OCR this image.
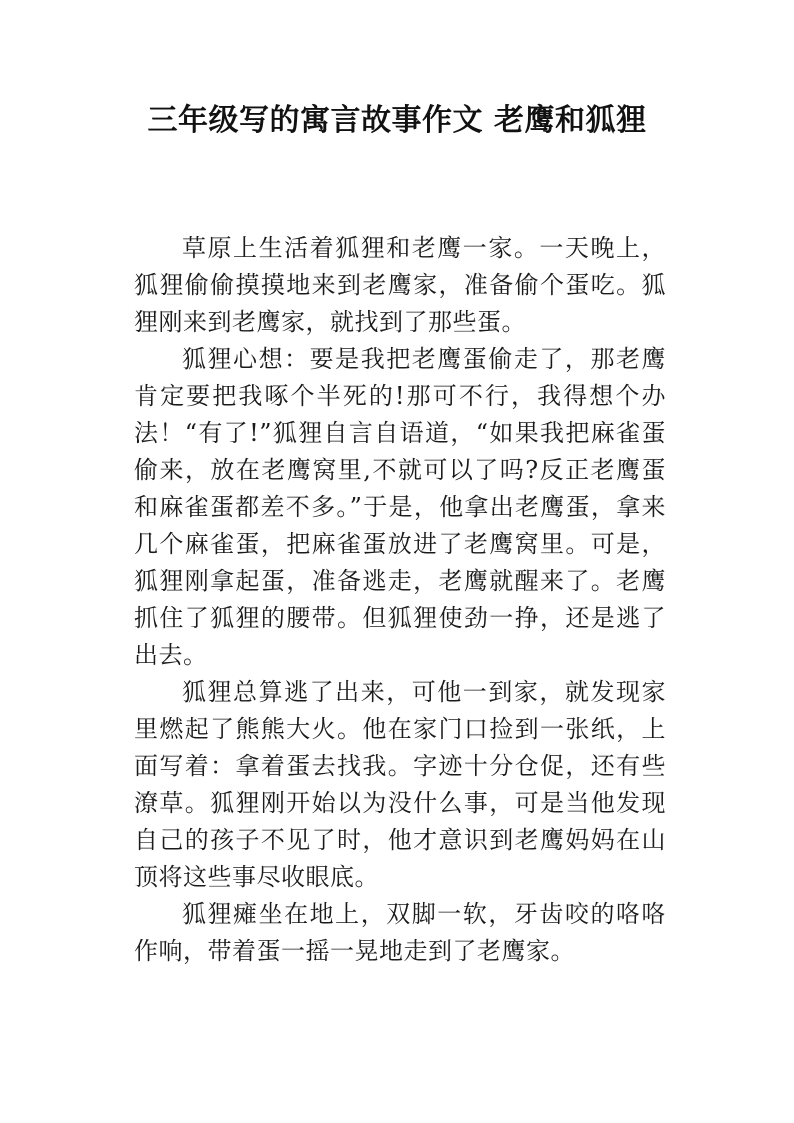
三年级写的寓言故事作文 老鹰和狐狸

草原上生活着狐狸和老鹰一家。一天晚上，狐狸偷偷摸摸地来到老鹰家，准备偷个蛋吃。狐狸刚来到老鹰家，就找到了那些蛋。

狐狸心想：要是我把老鹰蛋偷走了，那老鹰肯定要把我啄个半死的!那可不行，我得想个办法！“有了!”狐狸自言自语道，“如果我把麻雀蛋偷来，放在老鹰窝里,不就可以了吗?反正老鹰蛋和麻雀蛋都差不多。”于是，他拿出老鹰蛋，拿来几个麻雀蛋，把麻雀蛋放进了老鹰窝里。可是，狐狸刚拿起蛋，准备逃走，老鹰就醒来了。老鹰抓住了狐狸的腰带。但狐狸使劲一挣，还是逃了出去。

狐狸总算逃了出来，可他一到家，就发现家里燃起了熊熊大火。他在家门口捡到一张纸，上面写着：拿着蛋去找我。字迹十分仓促，还有些潦草。狐狸刚开始以为没什么事，可是当他发现自己的孩子不见了时，他才意识到老鹰妈妈在山顶将这些事尽收眼底。

狐狸瘫坐在地上，双脚一软，牙齿咬的咯咯作响，带着蛋一摇一晃地走到了老鹰家。
